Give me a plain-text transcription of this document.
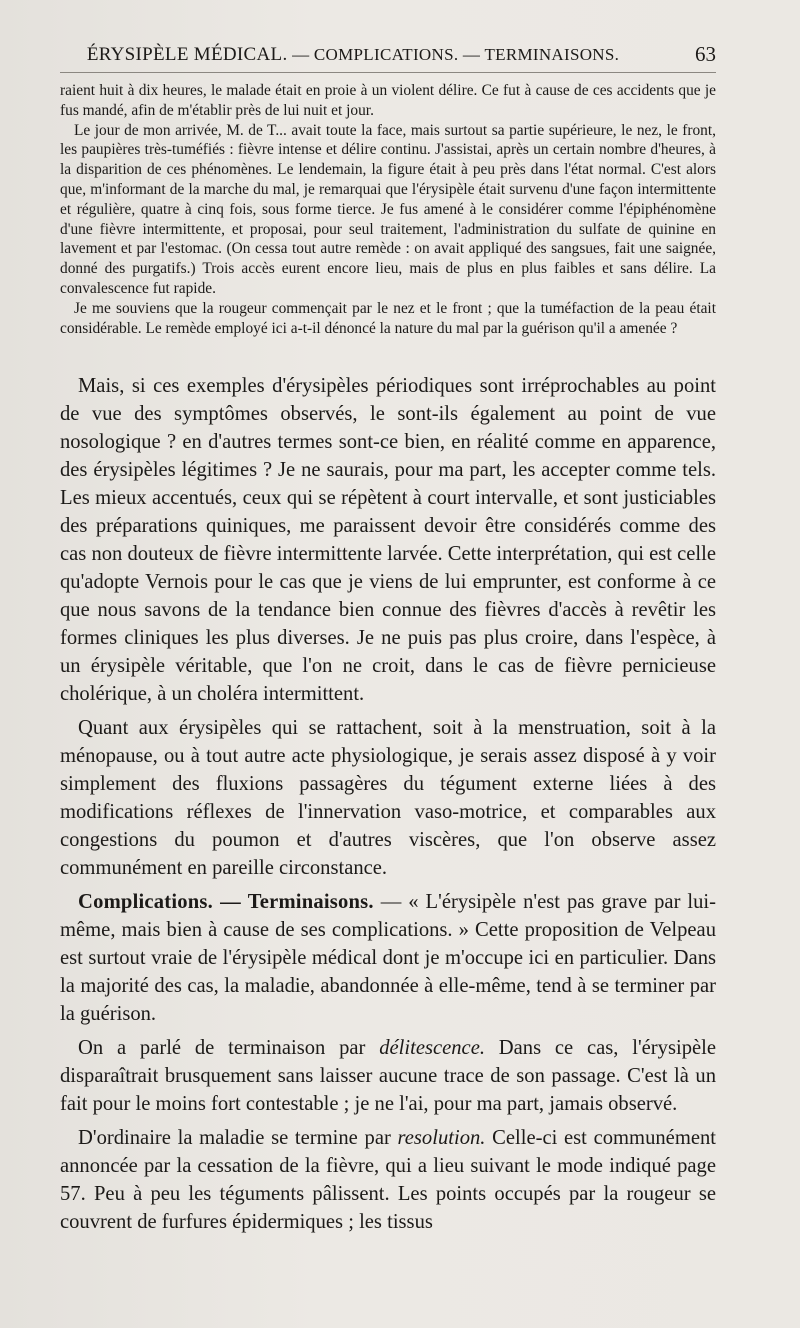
ÉRYSIPÈLE MÉDICAL. — COMPLICATIONS. — TERMINAISONS.	63

raient huit à dix heures, le malade était en proie à un violent délire. Ce fut à cause de ces accidents que je fus mandé, afin de m'établir près de lui nuit et jour.

Le jour de mon arrivée, M. de T... avait toute la face, mais surtout sa partie supérieure, le nez, le front, les paupières très-tuméfiés : fièvre intense et délire continu. J'assistai, après un certain nombre d'heures, à la disparition de ces phénomènes. Le lendemain, la figure était à peu près dans l'état normal. C'est alors que, m'informant de la marche du mal, je remarquai que l'érysipèle était survenu d'une façon intermittente et régulière, quatre à cinq fois, sous forme tierce. Je fus amené à le considérer comme l'épiphénomène d'une fièvre intermittente, et proposai, pour seul traitement, l'administration du sulfate de quinine en lavement et par l'estomac. (On cessa tout autre remède : on avait appliqué des sangsues, fait une saignée, donné des purgatifs.) Trois accès eurent encore lieu, mais de plus en plus faibles et sans délire. La convalescence fut rapide.

Je me souviens que la rougeur commençait par le nez et le front ; que la tuméfaction de la peau était considérable. Le remède employé ici a-t-il dénoncé la nature du mal par la guérison qu'il a amenée ?

Mais, si ces exemples d'érysipèles périodiques sont irréprochables au point de vue des symptômes observés, le sont-ils également au point de vue nosologique ? en d'autres termes sont-ce bien, en réalité comme en apparence, des érysipèles légitimes ? Je ne saurais, pour ma part, les accepter comme tels. Les mieux accentués, ceux qui se répètent à court intervalle, et sont justiciables des préparations quiniques, me paraissent devoir être considérés comme des cas non douteux de fièvre intermittente larvée. Cette interprétation, qui est celle qu'adopte Vernois pour le cas que je viens de lui emprunter, est conforme à ce que nous savons de la tendance bien connue des fièvres d'accès à revêtir les formes cliniques les plus diverses. Je ne puis pas plus croire, dans l'espèce, à un érysipèle véritable, que l'on ne croit, dans le cas de fièvre pernicieuse cholérique, à un choléra intermittent.

Quant aux érysipèles qui se rattachent, soit à la menstruation, soit à la ménopause, ou à tout autre acte physiologique, je serais assez disposé à y voir simplement des fluxions passagères du tégument externe liées à des modifications réflexes de l'innervation vaso-motrice, et comparables aux congestions du poumon et d'autres viscères, que l'on observe assez communément en pareille circonstance.

Complications. — Terminaisons. — « L'érysipèle n'est pas grave par lui-même, mais bien à cause de ses complications. » Cette proposition de Velpeau est surtout vraie de l'érysipèle médical dont je m'occupe ici en particulier. Dans la majorité des cas, la maladie, abandonnée à elle-même, tend à se terminer par la guérison.

On a parlé de terminaison par délitescence. Dans ce cas, l'érysipèle disparaîtrait brusquement sans laisser aucune trace de son passage. C'est là un fait pour le moins fort contestable ; je ne l'ai, pour ma part, jamais observé.

D'ordinaire la maladie se termine par resolution. Celle-ci est communément annoncée par la cessation de la fièvre, qui a lieu suivant le mode indiqué page 57. Peu à peu les téguments pâlissent. Les points occupés par la rougeur se couvrent de furfures épidermiques ; les tissus
